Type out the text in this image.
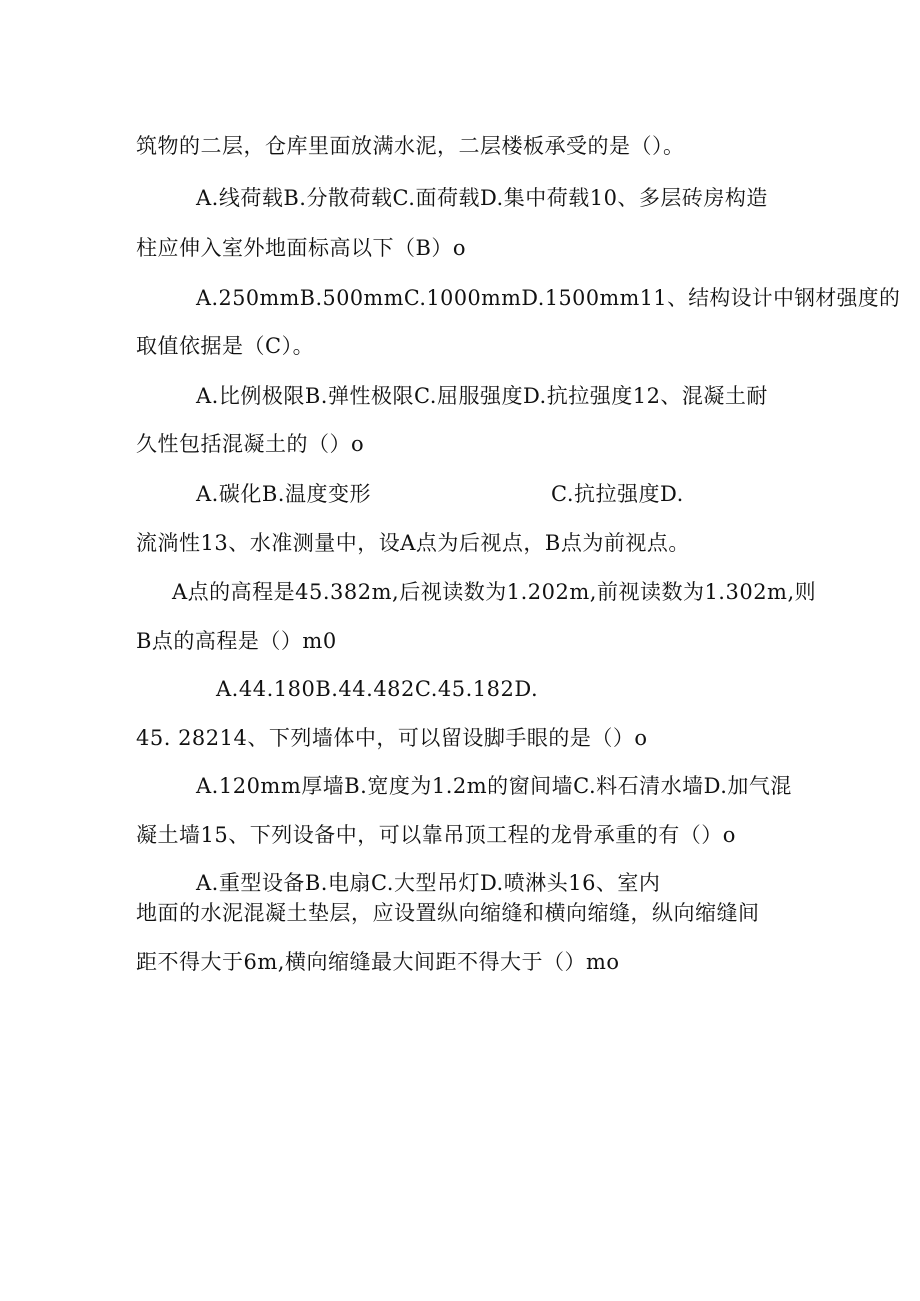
筑物的二层，仓库里面放满水泥，二层楼板承受的是（）。
A.线荷载B.分散荷载C.面荷载D.集中荷载10、多层砖房构造
柱应伸入室外地面标高以下（B）o
A.250mmB.500mmC.1000mmD.1500mm11、结构设计中钢材强度的
取值依据是（C）。
A.比例极限B.弹性极限C.屈服强度D.抗拉强度12、混凝土耐
久性包括混凝土的（）o
A.碳化B.温度变形	C.抗拉强度D.
流淌性13、水准测量中，设A点为后视点，B点为前视点。
A点的高程是45.382m,后视读数为1.202m,前视读数为1.302m,则
B点的高程是（）m0
A.44.180B.44.482C.45.182D.
45. 28214、下列墙体中，可以留设脚手眼的是（）o
A.120mm厚墙B.宽度为1.2m的窗间墙C.料石清水墙D.加气混
凝土墙15、下列设备中，可以靠吊顶工程的龙骨承重的有（）o
A.重型设备B.电扇C.大型吊灯D.喷淋头16、室内
地面的水泥混凝土垫层，应设置纵向缩缝和横向缩缝，纵向缩缝间
距不得大于6m,横向缩缝最大间距不得大于（）mo
